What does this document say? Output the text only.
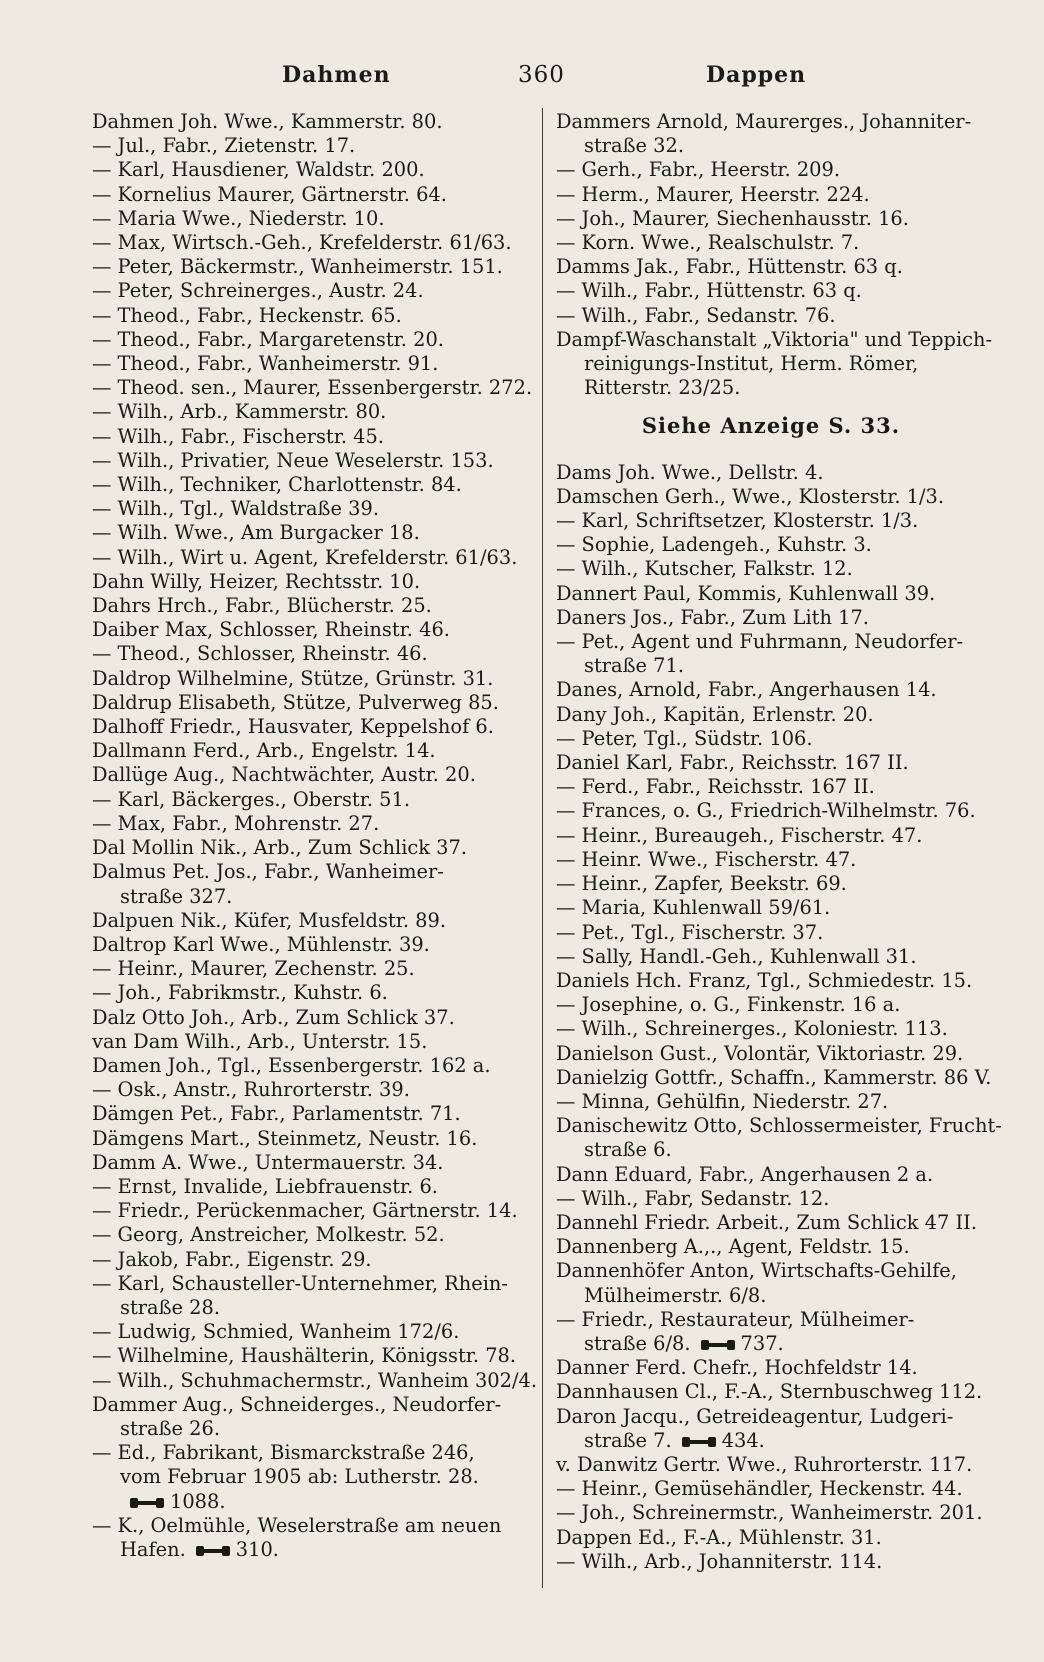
Dahmen	360	Dappen
Dahmen Joh. Wwe., Kammerstr. 80.
— Jul., Fabr., Zietenstr. 17.
— Karl, Hausdiener, Waldstr. 200.
— Kornelius Maurer, Gärtnerstr. 64.
— Maria Wwe., Niederstr. 10.
— Max, Wirtsch.-Geh., Krefelderstr. 61/63.
— Peter, Bäckermstr., Wanheimerstr. 151.
— Peter, Schreinerges., Austr. 24.
— Theod., Fabr., Heckenstr. 65.
— Theod., Fabr., Margaretenstr. 20.
— Theod., Fabr., Wanheimerstr. 91.
— Theod. sen., Maurer, Essenbergerstr. 272.
— Wilh., Arb., Kammerstr. 80.
— Wilh., Fabr., Fischerstr. 45.
— Wilh., Privatier, Neue Weselerstr. 153.
— Wilh., Techniker, Charlottenstr. 84.
— Wilh., Tgl., Waldstraße 39.
— Wilh. Wwe., Am Burgacker 18.
— Wilh., Wirt u. Agent, Krefelderstr. 61/63.
Dahn Willy, Heizer, Rechtsstr. 10.
Dahrs Hrch., Fabr., Blücherstr. 25.
Daiber Max, Schlosser, Rheinstr. 46.
— Theod., Schlosser, Rheinstr. 46.
Daldrop Wilhelmine, Stütze, Grünstr. 31.
Daldrup Elisabeth, Stütze, Pulverweg 85.
Dalhoff Friedr., Hausvater, Keppelshof 6.
Dallmann Ferd., Arb., Engelstr. 14.
Dallüge Aug., Nachtwächter, Austr. 20.
— Karl, Bäckerges., Oberstr. 51.
— Max, Fabr., Mohrenstr. 27.
Dal Mollin Nik., Arb., Zum Schlick 37.
Dalmus Pet. Jos., Fabr., Wanheimer-
straße 327.
Dalpuen Nik., Küfer, Musfeldstr. 89.
Daltrop Karl Wwe., Mühlenstr. 39.
— Heinr., Maurer, Zechenstr. 25.
— Joh., Fabrikmstr., Kuhstr. 6.
Dalz Otto Joh., Arb., Zum Schlick 37.
van Dam Wilh., Arb., Unterstr. 15.
Damen Joh., Tgl., Essenbergerstr. 162 a.
— Osk., Anstr., Ruhrorterstr. 39.
Dämgen Pet., Fabr., Parlamentstr. 71.
Dämgens Mart., Steinmetz, Neustr. 16.
Damm A. Wwe., Untermauerstr. 34.
— Ernst, Invalide, Liebfrauenstr. 6.
— Friedr., Perückenmacher, Gärtnerstr. 14.
— Georg, Anstreicher, Molkestr. 52.
— Jakob, Fabr., Eigenstr. 29.
— Karl, Schausteller-Unternehmer, Rhein-
straße 28.
— Ludwig, Schmied, Wanheim 172/6.
— Wilhelmine, Haushälterin, Königsstr. 78.
— Wilh., Schuhmachermstr., Wanheim 302/4.
Dammer Aug., Schneiderges., Neudorfer-
straße 26.
— Ed., Fabrikant, Bismarckstraße 246,
vom Februar 1905 ab: Lutherstr. 28.
1088.
— K., Oelmühle, Weselerstraße am neuen
Hafen.	310.
Dammers Arnold, Maurerges., Johanniter-
straße 32.
— Gerh., Fabr., Heerstr. 209.
— Herm., Maurer, Heerstr. 224.
— Joh., Maurer, Siechenhausstr. 16.
— Korn. Wwe., Realschulstr. 7.
Damms Jak., Fabr., Hüttenstr. 63 q.
— Wilh., Fabr., Hüttenstr. 63 q.
— Wilh., Fabr., Sedanstr. 76.
Dampf-Waschanstalt „Viktoria" und Teppich-
reinigungs-Institut, Herm. Römer,
Ritterstr. 23/25.
Siehe Anzeige S. 33.
Dams Joh. Wwe., Dellstr. 4.
Damschen Gerh., Wwe., Klosterstr. 1/3.
— Karl, Schriftsetzer, Klosterstr. 1/3.
— Sophie, Ladengeh., Kuhstr. 3.
— Wilh., Kutscher, Falkstr. 12.
Dannert Paul, Kommis, Kuhlenwall 39.
Daners Jos., Fabr., Zum Lith 17.
— Pet., Agent und Fuhrmann, Neudorfer-
straße 71.
Danes, Arnold, Fabr., Angerhausen 14.
Dany Joh., Kapitän, Erlenstr. 20.
— Peter, Tgl., Südstr. 106.
Daniel Karl, Fabr., Reichsstr. 167 II.
— Ferd., Fabr., Reichsstr. 167 II.
— Frances, o. G., Friedrich-Wilhelmstr. 76.
— Heinr., Bureaugeh., Fischerstr. 47.
— Heinr. Wwe., Fischerstr. 47.
— Heinr., Zapfer, Beekstr. 69.
— Maria, Kuhlenwall 59/61.
— Pet., Tgl., Fischerstr. 37.
— Sally, Handl.-Geh., Kuhlenwall 31.
Daniels Hch. Franz, Tgl., Schmiedestr. 15.
— Josephine, o. G., Finkenstr. 16 a.
— Wilh., Schreinerges., Koloniestr. 113.
Danielson Gust., Volontär, Viktoriastr. 29.
Danielzig Gottfr., Schaffn., Kammerstr. 86 V.
— Minna, Gehülfin, Niederstr. 27.
Danischewitz Otto, Schlossermeister, Frucht-
straße 6.
Dann Eduard, Fabr., Angerhausen 2 a.
— Wilh., Fabr, Sedanstr. 12.
Dannehl Friedr. Arbeit., Zum Schlick 47 II.
Dannenberg A.,., Agent, Feldstr. 15.
Dannenhöfer Anton, Wirtschafts-Gehilfe,
Mülheimerstr. 6/8.
— Friedr., Restaurateur, Mülheimer-
straße 6/8.	737.
Danner Ferd. Chefr., Hochfeldstr 14.
Dannhausen Cl., F.-A., Sternbuschweg 112.
Daron Jacqu., Getreideagentur, Ludgeri-
straße 7.	434.
v. Danwitz Gertr. Wwe., Ruhrorterstr. 117.
— Heinr., Gemüsehändler, Heckenstr. 44.
— Joh., Schreinermstr., Wanheimerstr. 201.
Dappen Ed., F.-A., Mühlenstr. 31.
— Wilh., Arb., Johanniterstr. 114.
